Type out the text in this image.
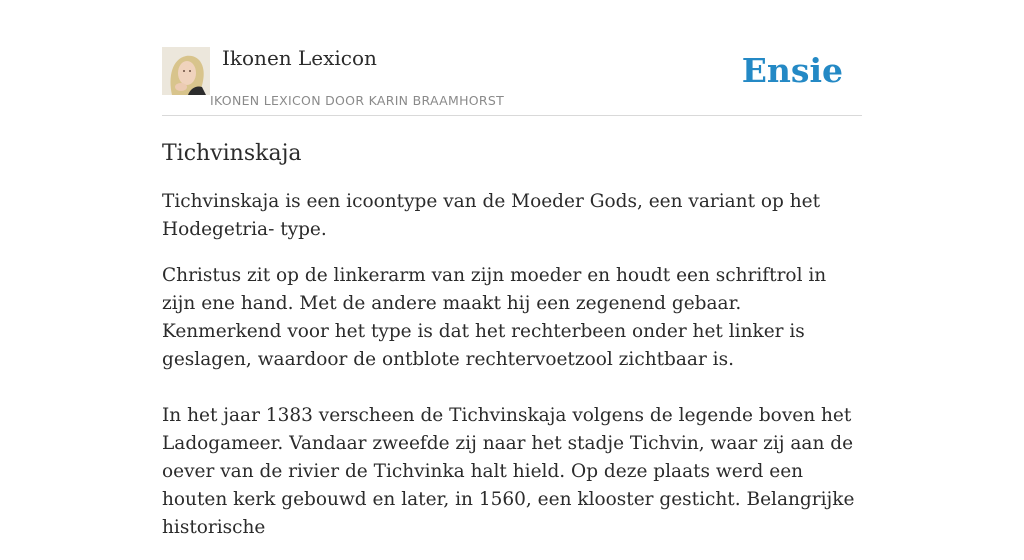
Ikonen Lexicon
IKONEN LEXICON DOOR KARIN BRAAMHORST
Ensie
Tichvinskaja

Tichvinskaja is een icoontype van de Moeder Gods, een variant op het Hodegetria- type.

Christus zit op de linkerarm van zijn moeder en houdt een schriftrol in zijn ene hand. Met de andere maakt hij een zegenend gebaar. Kenmerkend voor het type is dat het rechterbeen onder het linker is geslagen, waardoor de ontblote rechtervoetzool zichtbaar is.

In het jaar 1383 verscheen de Tichvinskaja volgens de legende boven het Ladogameer. Vandaar zweefde zij naar het stadje Tichvin, waar zij aan de oever van de rivier de Tichvinka halt hield. Op deze plaats werd een houten kerk gebouwd en later, in 1560, een klooster gesticht. Belangrijke historische
